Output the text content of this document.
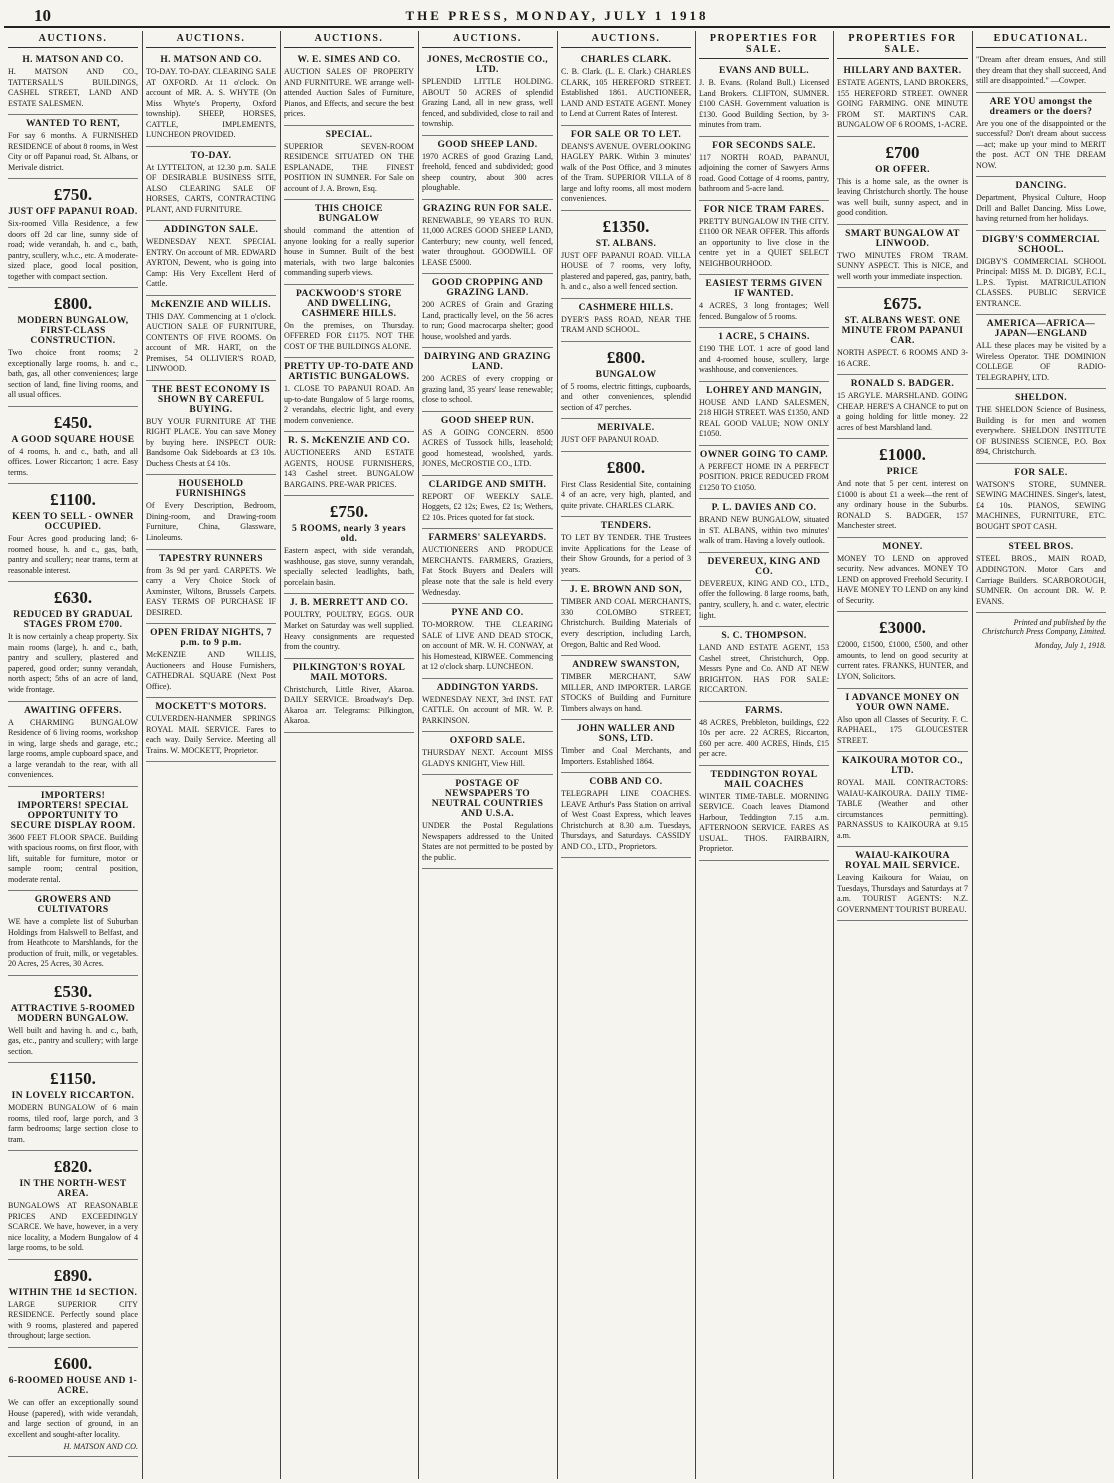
10	THE PRESS, MONDAY, JULY 1 1918
AUCTIONS.
H. MATSON AND CO.
H. MATSON AND CO., TATTERSALL'S BUILDINGS, CASHEL STREET, LAND AND ESTATE SALESMEN.
WANTED TO RENT,
For say 6 months. A FURNISHED RESIDENCE of about 8 rooms, in West City or off Papanui road, St. Albans, or Merivale district.
£750.
JUST OFF PAPANUI ROAD.
Six-roomed Villa Residence, a few doors off 2d car line, sunny side of road; wide verandah, h. and c., bath, pantry, scullery, w.h.c., etc. A moderate-sized place, good local position, together with compact section.
£800.
MODERN BUNGALOW, FIRST-CLASS CONSTRUCTION.
Two choice front rooms; 2 exceptionally large rooms, h. and c., bath, gas, all other conveniences; large section of land, fine living rooms, and all usual offices.
£450.
A GOOD SQUARE HOUSE
of 4 rooms, h. and c., bath, and all offices. Lower Riccarton; 1 acre. Easy terms.
£1100.
KEEN TO SELL - OWNER OCCUPIED.
Four Acres good producing land; 6-roomed house, h. and c., gas, bath, pantry and scullery; near trams, term at reasonable interest.
£630.
REDUCED BY GRADUAL STAGES FROM £700.
It is now certainly a cheap property. Six main rooms (large), h. and c., bath, pantry and scullery, plastered and papered, good order; sunny verandah, north aspect; 5ths of an acre of land, wide frontage.
AWAITING OFFERS.
A CHARMING BUNGALOW Residence of 6 living rooms, workshop in wing, large sheds and garage, etc.; large rooms, ample cupboard space, and a large verandah to the rear, with all conveniences.
IMPORTERS! IMPORTERS! SPECIAL OPPORTUNITY TO SECURE DISPLAY ROOM.
3600 FEET FLOOR SPACE. Building with spacious rooms, on first floor, with lift, suitable for furniture, motor or sample room; central position, moderate rental.
GROWERS AND CULTIVATORS
WE have a complete list of Suburban Holdings from Halswell to Belfast, and from Heathcote to Marshlands, for the production of fruit, milk, or vegetables. 20 Acres, 25 Acres, 30 Acres.
£530.
ATTRACTIVE 5-ROOMED MODERN BUNGALOW.
Well built and having h. and c., bath, gas, etc., pantry and scullery; with large section.
£1150.
IN LOVELY RICCARTON.
MODERN BUNGALOW of 6 main rooms, tiled roof, large porch, and 3 farm bedrooms; large section close to tram.
£820.
IN THE NORTH-WEST AREA.
BUNGALOWS AT REASONABLE PRICES AND EXCEEDINGLY SCARCE. We have, however, in a very nice locality, a Modern Bungalow of 4 large rooms, to be sold.
£890.
WITHIN THE 1d SECTION.
LARGE SUPERIOR CITY RESIDENCE. Perfectly sound place with 9 rooms, plastered and papered throughout; large section.
£600.
6-ROOMED HOUSE AND 1-ACRE.
We can offer an exceptionally sound House (papered), with wide verandah, and large section of ground, in an excellent and sought-after locality.
H. MATSON AND CO.
AUCTIONS.
H. MATSON AND CO.
TO-DAY. TO-DAY. CLEARING SALE AT OXFORD. At 11 o'clock. On account of MR. A. S. WHYTE (On Miss Whyte's Property, Oxford township). SHEEP, HORSES, CATTLE, IMPLEMENTS, LUNCHEON PROVIDED.
TO-DAY.
At LYTTELTON, at 12.30 p.m. SALE OF DESIRABLE BUSINESS SITE, ALSO CLEARING SALE OF HORSES, CARTS, CONTRACTING PLANT, AND FURNITURE.
ADDINGTON SALE.
WEDNESDAY NEXT. SPECIAL ENTRY. On account of MR. EDWARD AYRTON, Dewent, who is going into Camp: His Very Excellent Herd of Cattle.
McKENZIE AND WILLIS.
THIS DAY. Commencing at 1 o'clock. AUCTION SALE OF FURNITURE, CONTENTS OF FIVE ROOMS. On account of MR. HART, on the Premises, 54 OLLIVIER'S ROAD, LINWOOD.
THE BEST ECONOMY IS SHOWN BY CAREFUL BUYING.
BUY YOUR FURNITURE AT THE RIGHT PLACE. You can save Money by buying here. INSPECT OUR: Bandsome Oak Sideboards at £3 10s. Duchess Chests at £4 10s.
HOUSEHOLD FURNISHINGS
Of Every Description, Bedroom, Dining-room, and Drawing-room Furniture, China, Glassware, Linoleums.
TAPESTRY RUNNERS
from 3s 9d per yard. CARPETS. We carry a Very Choice Stock of Axminster, Wiltons, Brussels Carpets. EASY TERMS OF PURCHASE IF DESIRED.
OPEN FRIDAY NIGHTS, 7 p.m. to 9 p.m.
McKENZIE AND WILLIS, Auctioneers and House Furnishers, CATHEDRAL SQUARE (Next Post Office).
MOCKETT'S MOTORS.
CULVERDEN-HANMER SPRINGS ROYAL MAIL SERVICE. Fares to each way. Daily Service. Meeting all Trains. W. MOCKETT, Proprietor.
AUCTIONS.
W. E. SIMES AND CO.
AUCTION SALES OF PROPERTY AND FURNITURE. WE arrange well-attended Auction Sales of Furniture, Pianos, and Effects, and secure the best prices.
SPECIAL.
SUPERIOR SEVEN-ROOM RESIDENCE SITUATED ON THE ESPLANADE, THE FINEST POSITION IN SUMNER. For Sale on account of J. A. Brown, Esq.
THIS CHOICE BUNGALOW
should command the attention of anyone looking for a really superior house in Sumner. Built of the best materials, with two large balconies commanding superb views.
PACKWOOD'S STORE AND DWELLING, CASHMERE HILLS.
On the premises, on Thursday. OFFERED FOR £1175. NOT THE COST OF THE BUILDINGS ALONE.
PRETTY UP-TO-DATE AND ARTISTIC BUNGALOWS.
1. CLOSE TO PAPANUI ROAD. An up-to-date Bungalow of 5 large rooms, 2 verandahs, electric light, and every modern convenience.
R. S. McKENZIE AND CO.
AUCTIONEERS AND ESTATE AGENTS, HOUSE FURNISHERS, 143 Cashel street. BUNGALOW BARGAINS. PRE-WAR PRICES.
£750.
5 ROOMS, nearly 3 years old.
Eastern aspect, with side verandah, washhouse, gas stove, sunny verandah, specially selected leadlights, bath, porcelain basin.
J. B. MERRETT AND CO.
POULTRY, POULTRY, EGGS. OUR Market on Saturday was well supplied. Heavy consignments are requested from the country.
PILKINGTON'S ROYAL MAIL MOTORS.
Christchurch, Little River, Akaroa. DAILY SERVICE. Broadway's Dep. Akaroa arr. Telegrams: Pilkington, Akaroa.
AUCTIONS.
JONES, McCROSTIE CO., LTD.
SPLENDID LITTLE HOLDING. ABOUT 50 ACRES of splendid Grazing Land, all in new grass, well fenced, and subdivided, close to rail and township.
GOOD SHEEP LAND.
1970 ACRES of good Grazing Land, freehold, fenced and subdivided; good sheep country, about 300 acres ploughable.
GRAZING RUN FOR SALE.
RENEWABLE, 99 YEARS TO RUN. 11,000 ACRES GOOD SHEEP LAND, Canterbury; new county, well fenced, water throughout. GOODWILL OF LEASE £5000.
GOOD CROPPING AND GRAZING LAND.
200 ACRES of Grain and Grazing Land, practically level, on the 56 acres to run; Good macrocarpa shelter; good house, woolshed and yards.
DAIRYING AND GRAZING LAND.
200 ACRES of every cropping or grazing land, 35 years' lease renewable; close to school.
GOOD SHEEP RUN.
AS A GOING CONCERN. 8500 ACRES of Tussock hills, leasehold; good homestead, woolshed, yards. JONES, McCROSTIE CO., LTD.
CLARIDGE AND SMITH.
REPORT OF WEEKLY SALE. Hoggets, £2 12s; Ewes, £2 1s; Wethers, £2 10s. Prices quoted for fat stock.
FARMERS' SALEYARDS.
AUCTIONEERS AND PRODUCE MERCHANTS. FARMERS, Graziers, Fat Stock Buyers and Dealers will please note that the sale is held every Wednesday.
PYNE AND CO.
TO-MORROW. THE CLEARING SALE of LIVE AND DEAD STOCK, on account of MR. W. H. CONWAY, at his Homestead, KIRWEE. Commencing at 12 o'clock sharp. LUNCHEON.
ADDINGTON YARDS.
WEDNESDAY NEXT, 3rd INST. FAT CATTLE. On account of MR. W. P. PARKINSON.
OXFORD SALE.
THURSDAY NEXT. Account MISS GLADYS KNIGHT, View Hill.
POSTAGE OF NEWSPAPERS TO NEUTRAL COUNTRIES AND U.S.A.
UNDER the Postal Regulations Newspapers addressed to the United States are not permitted to be posted by the public.
AUCTIONS.
CHARLES CLARK.
C. B. Clark. (L. E. Clark.) CHARLES CLARK, 105 HEREFORD STREET. Established 1861. AUCTIONEER, LAND AND ESTATE AGENT. Money to Lend at Current Rates of Interest.
FOR SALE OR TO LET.
DEANS'S AVENUE. OVERLOOKING HAGLEY PARK. Within 3 minutes' walk of the Post Office, and 3 minutes of the Tram. SUPERIOR VILLA of 8 large and lofty rooms, all most modern conveniences.
£1350.
ST. ALBANS.
JUST OFF PAPANUI ROAD. VILLA HOUSE of 7 rooms, very lofty, plastered and papered, gas, pantry, bath, h. and c., also a well fenced section.
CASHMERE HILLS.
DYER'S PASS ROAD, NEAR THE TRAM AND SCHOOL.
£800.
BUNGALOW
of 5 rooms, electric fittings, cupboards, and other conveniences, splendid section of 47 perches.
MERIVALE.
JUST OFF PAPANUI ROAD.
£800.
First Class Residential Site, containing 4 of an acre, very high, planted, and quite private. CHARLES CLARK.
TENDERS.
TO LET BY TENDER. THE Trustees invite Applications for the Lease of their Show Grounds, for a period of 3 years.
J. E. BROWN AND SON,
TIMBER AND COAL MERCHANTS, 330 COLOMBO STREET, Christchurch. Building Materials of every description, including Larch, Oregon, Baltic and Red Wood.
ANDREW SWANSTON,
TIMBER MERCHANT, SAW MILLER, AND IMPORTER. LARGE STOCKS of Building and Furniture Timbers always on hand.
JOHN WALLER AND SONS, LTD.
Timber and Coal Merchants, and Importers. Established 1864.
COBB AND CO.
TELEGRAPH LINE COACHES. LEAVE Arthur's Pass Station on arrival of West Coast Express, which leaves Christchurch at 8.30 a.m. Tuesdays, Thursdays, and Saturdays. CASSIDY AND CO., LTD., Proprietors.
PROPERTIES FOR SALE.
EVANS AND BULL.
J. B. Evans. (Roland Bull.) Licensed Land Brokers. CLIFTON, SUMNER. £100 CASH. Government valuation is £130. Good Building Section, by 3-minutes from tram.
FOR SECONDS SALE.
117 NORTH ROAD, PAPANUI, adjoining the corner of Sawyers Arms road. Good Cottage of 4 rooms, pantry, bathroom and 5-acre land.
FOR NICE TRAM FARES.
PRETTY BUNGALOW IN THE CITY. £1100 OR NEAR OFFER. This affords an opportunity to live close in the centre yet in a QUIET SELECT NEIGHBOURHOOD.
EASIEST TERMS GIVEN IF WANTED.
4 ACRES, 3 long frontages; Well fenced. Bungalow of 5 rooms.
1 ACRE, 5 CHAINS.
£190 THE LOT. 1 acre of good land and 4-roomed house, scullery, large washhouse, and conveniences.
LOHREY AND MANGIN,
HOUSE AND LAND SALESMEN, 218 HIGH STREET. WAS £1350, AND REAL GOOD VALUE; NOW ONLY £1050.
OWNER GOING TO CAMP.
A PERFECT HOME IN A PERFECT POSITION. PRICE REDUCED FROM £1250 TO £1050.
P. L. DAVIES AND CO.
BRAND NEW BUNGALOW, situated in ST. ALBANS, within two minutes' walk of tram. Having a lovely outlook.
DEVEREUX, KING AND CO.
DEVEREUX, KING AND CO., LTD., offer the following. 8 large rooms, bath, pantry, scullery, h. and c. water, electric light.
S. C. THOMPSON.
LAND AND ESTATE AGENT, 153 Cashel street, Christchurch, Opp. Messrs Pyne and Co. AND AT NEW BRIGHTON. HAS FOR SALE: RICCARTON.
FARMS.
48 ACRES, Prebbleton, buildings, £22 10s per acre. 22 ACRES, Riccarton, £60 per acre. 400 ACRES, Hinds, £15 per acre.
TEDDINGTON ROYAL MAIL COACHES
WINTER TIME-TABLE. MORNING SERVICE. Coach leaves Diamond Harbour, Teddington 7.15 a.m. AFTERNOON SERVICE. FARES AS USUAL. THOS. FAIRBAIRN, Proprietor.
PROPERTIES FOR SALE.
HILLARY AND BAXTER.
ESTATE AGENTS, LAND BROKERS, 155 HEREFORD STREET. OWNER GOING FARMING. ONE MINUTE FROM ST. MARTIN'S CAR. BUNGALOW OF 6 ROOMS, 1-ACRE.
£700
OR OFFER.
This is a home sale, as the owner is leaving Christchurch shortly. The house was well built, sunny aspect, and in good condition.
SMART BUNGALOW AT LINWOOD.
TWO MINUTES FROM TRAM. SUNNY ASPECT. This is NICE, and well worth your immediate inspection.
£675.
ST. ALBANS WEST. ONE MINUTE FROM PAPANUI CAR.
NORTH ASPECT. 6 ROOMS AND 3-16 ACRE.
RONALD S. BADGER.
15 ARGYLE. MARSHLAND. GOING CHEAP. HERE'S A CHANCE to put on a going holding for little money. 22 acres of best Marshland land.
£1000.
PRICE
And note that 5 per cent. interest on £1000 is about £1 a week—the rent of any ordinary house in the Suburbs. RONALD S. BADGER, 157 Manchester street.
MONEY.
MONEY TO LEND on approved security. New advances. MONEY TO LEND on approved Freehold Security. I HAVE MONEY TO LEND on any kind of Security.
£3000.
£2000, £1500, £1000, £500, and other amounts, to lend on good security at current rates. FRANKS, HUNTER, and LYON, Solicitors.
I ADVANCE MONEY ON YOUR OWN NAME.
Also upon all Classes of Security. F. C. RAPHAEL, 175 GLOUCESTER STREET.
KAIKOURA MOTOR CO., LTD.
ROYAL MAIL CONTRACTORS: WAIAU-KAIKOURA. DAILY TIME-TABLE (Weather and other circumstances permitting). PARNASSUS to KAIKOURA at 9.15 a.m.
WAIAU-KAIKOURA ROYAL MAIL SERVICE.
Leaving Kaikoura for Waiau, on Tuesdays, Thursdays and Saturdays at 7 a.m. TOURIST AGENTS: N.Z. GOVERNMENT TOURIST BUREAU.
EDUCATIONAL.
"Dream after dream ensues, And still they dream that they shall succeed, And still are disappointed." —Cowper.
ARE YOU amongst the dreamers or the doers?
Are you one of the disappointed or the successful? Don't dream about success—act; make up your mind to MERIT the post. ACT ON THE DREAM NOW.
DANCING.
Department, Physical Culture, Hoop Drill and Ballet Dancing. Miss Lowe, having returned from her holidays.
DIGBY'S COMMERCIAL SCHOOL.
DIGBY'S COMMERCIAL SCHOOL Principal: MISS M. D. DIGBY, F.C.I., L.P.S. Typist. MATRICULATION CLASSES. PUBLIC SERVICE ENTRANCE.
AMERICA—AFRICA—JAPAN—ENGLAND
ALL these places may be visited by a Wireless Operator. THE DOMINION COLLEGE OF RADIO-TELEGRAPHY, LTD.
SHELDON.
THE SHELDON Science of Business, Building is for men and women everywhere. SHELDON INSTITUTE OF BUSINESS SCIENCE, P.O. Box 894, Christchurch.
FOR SALE.
WATSON'S STORE, SUMNER. SEWING MACHINES. Singer's, latest, £4 10s. PIANOS, SEWING MACHINES, FURNITURE, ETC. BOUGHT SPOT CASH.
STEEL BROS.
STEEL BROS., MAIN ROAD, ADDINGTON. Motor Cars and Carriage Builders. SCARBOROUGH, SUMNER. On account DR. W. P. EVANS.
Printed and published by the Christchurch Press Company, Limited.
Monday, July 1, 1918.
